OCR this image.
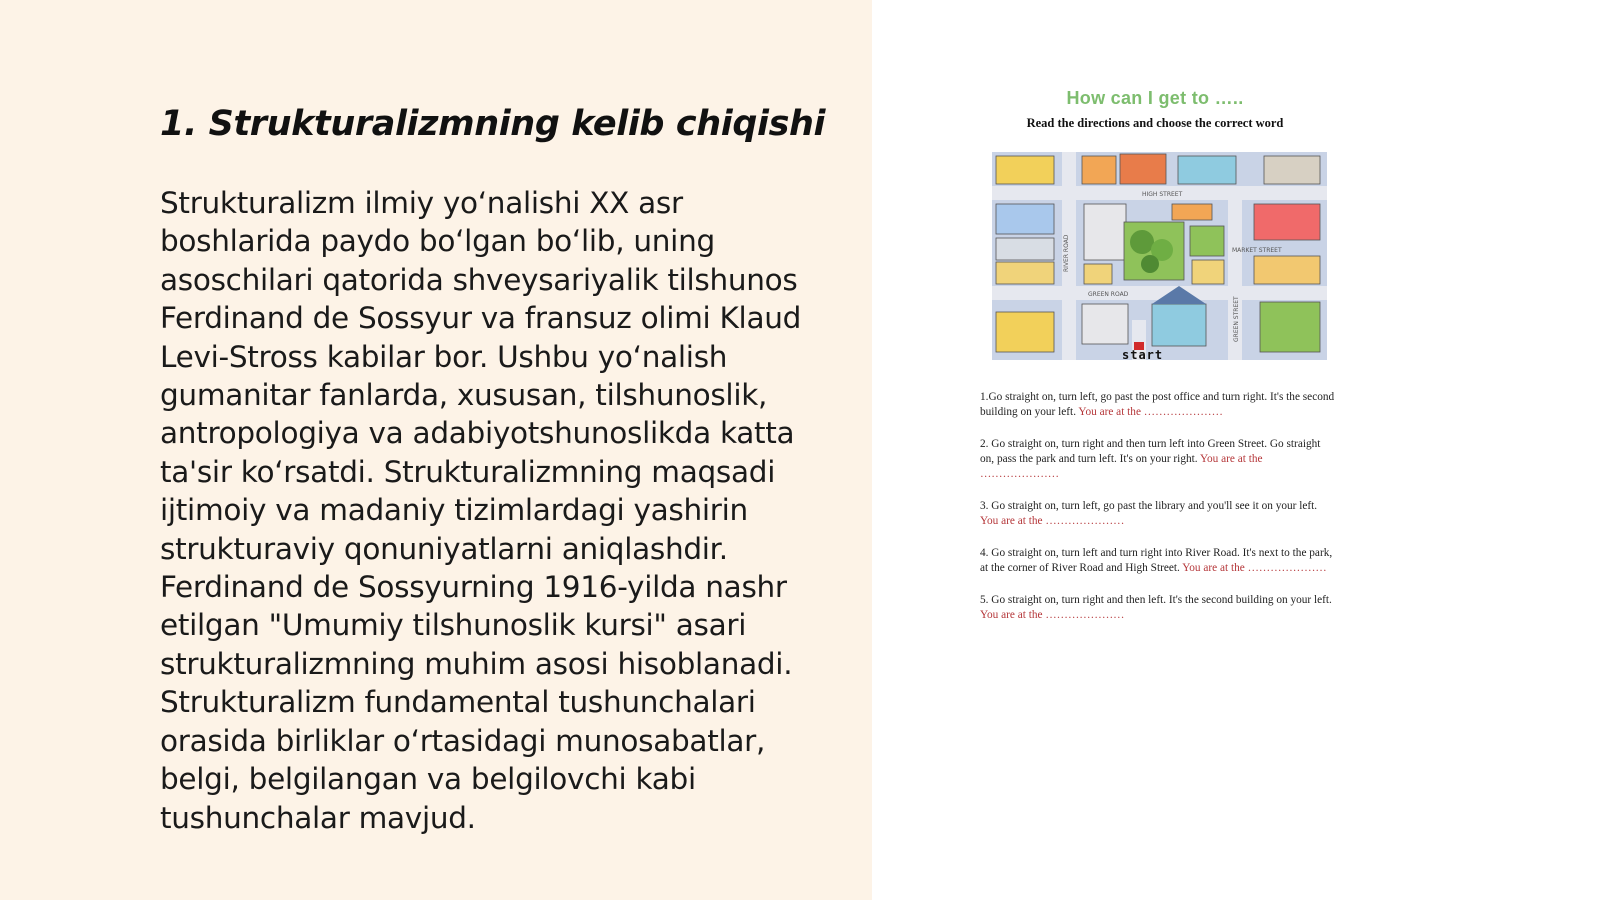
1. Strukturalizmning kelib chiqishi

Strukturalizm ilmiy yo‘nalishi XX asr boshlarida paydo bo‘lgan bo‘lib, uning asoschilari qatorida shveysariyalik tilshunos Ferdinand de Sossyur va fransuz olimi Klaud Levi-Stross kabilar bor. Ushbu yo‘nalish gumanitar fanlarda, xususan, tilshunoslik, antropologiya va adabiyotshunoslikda katta ta'sir ko‘rsatdi. Strukturalizmning maqsadi ijtimoiy va madaniy tizimlardagi yashirin strukturaviy qonuniyatlarni aniqlashdir. Ferdinand de Sossyurning 1916-yilda nashr etilgan "Umumiy tilshunoslik kursi" asari strukturalizmning muhim asosi hisoblanadi. Strukturalizm fundamental tushunchalari orasida birliklar o‘rtasidagi munosabatlar, belgi, belgilangan va belgilovchi kabi tushunchalar mavjud.

How can I get to …..
Read the directions and choose the correct word
HIGH STREET
MARKET STREET
GREEN ROAD
RIVER ROAD
GREEN STREET
start

1.Go straight on, turn left, go past the post office and turn right. It's the second building on your left. You are at the …………………

2. Go straight on, turn right and then turn left into Green Street. Go straight on, pass the park and turn left. It's on your right. You are at the …………………

3. Go straight on, turn left, go past the library and you'll see it on your left. You are at the …………………

4. Go straight on, turn left and turn right into River Road. It's next to the park, at the corner of River Road and High Street. You are at the …………………

5. Go straight on, turn right and then left. It's the second building on your left. You are at the …………………
